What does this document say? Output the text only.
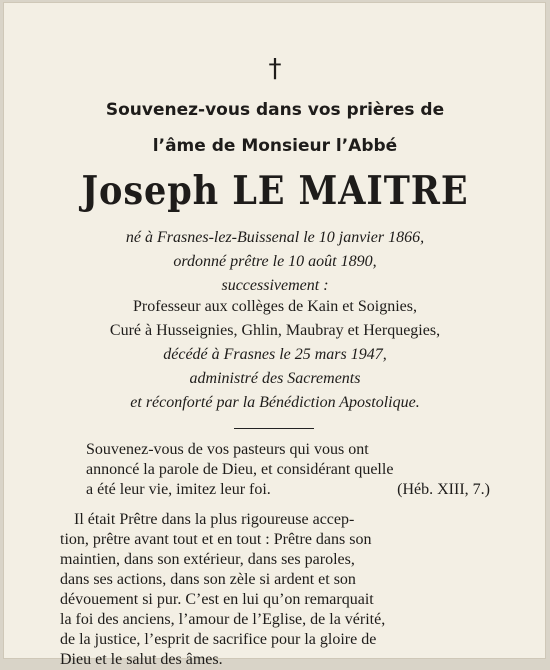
†
Souvenez-vous dans vos prières de
l’âme de Monsieur l’Abbé
Joseph LE MAITRE
né à Frasnes-lez-Buissenal le 10 janvier 1866,
ordonné prêtre le 10 août 1890,
successivement :
Professeur aux collèges de Kain et Soignies,
Curé à Husseignies, Ghlin, Maubray et Herquegies,
décédé à Frasnes le 25 mars 1947,
administré des Sacrements
et réconforté par la Bénédiction Apostolique.
Souvenez-vous de vos pasteurs qui vous ont
annoncé la parole de Dieu, et considérant quelle
a été leur vie, imitez leur foi.	(Héb. XIII, 7.)
Il était Prêtre dans la plus rigoureuse accep-
tion, prêtre avant tout et en tout : Prêtre dans son
maintien, dans son extérieur, dans ses paroles,
dans ses actions, dans son zèle si ardent et son
dévouement si pur. C’est en lui qu’on remarquait
la foi des anciens, l’amour de l’Eglise, de la vérité,
de la justice, l’esprit de sacrifice pour la gloire de
Dieu et le salut des âmes.
